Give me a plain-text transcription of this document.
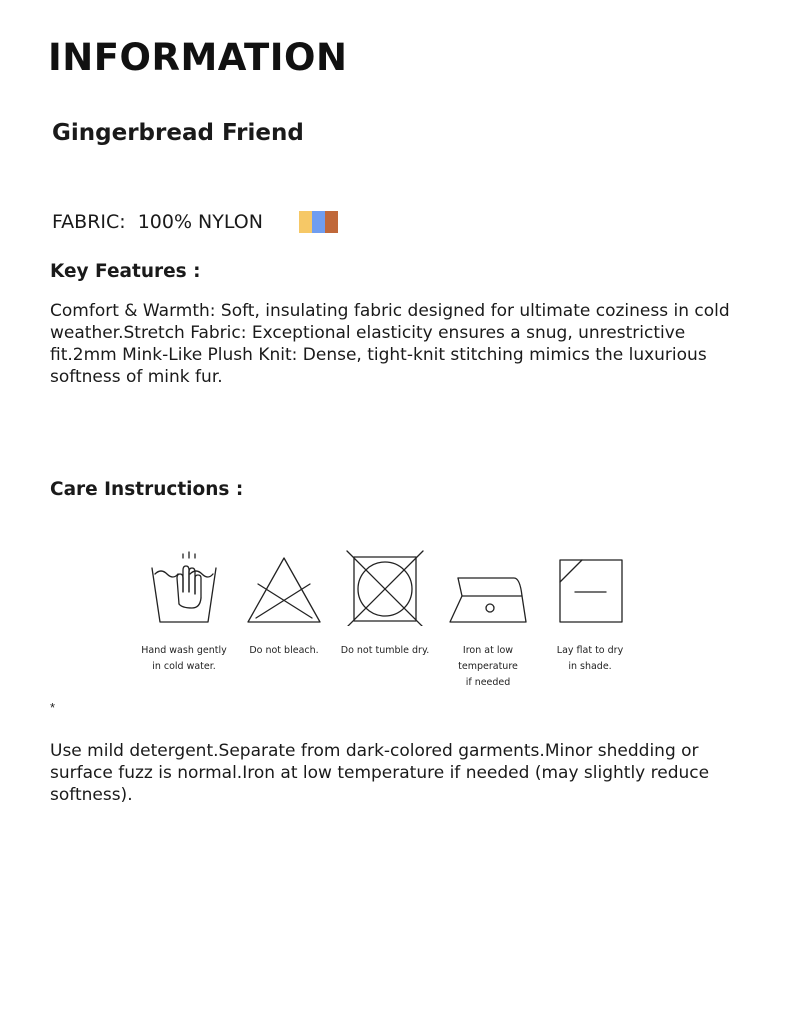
INFORMATION
Gingerbread Friend
FABRIC: 100% NYLON
Key Features :

Comfort & Warmth: Soft, insulating fabric designed for ultimate coziness in cold weather.Stretch Fabric: Exceptional elasticity ensures a snug, unrestrictive fit.2mm Mink-Like Plush Knit: Dense, tight-knit stitching mimics the luxurious softness of mink fur.

Care Instructions :
Hand wash gently
in cold water.
Do not bleach.	Do not tumble dry.	Iron at low
temperature
if needed
Lay flat to dry
in shade.
*

Use mild detergent.Separate from dark-colored garments.Minor shedding or surface fuzz is normal.Iron at low temperature if needed (may slightly reduce softness).
